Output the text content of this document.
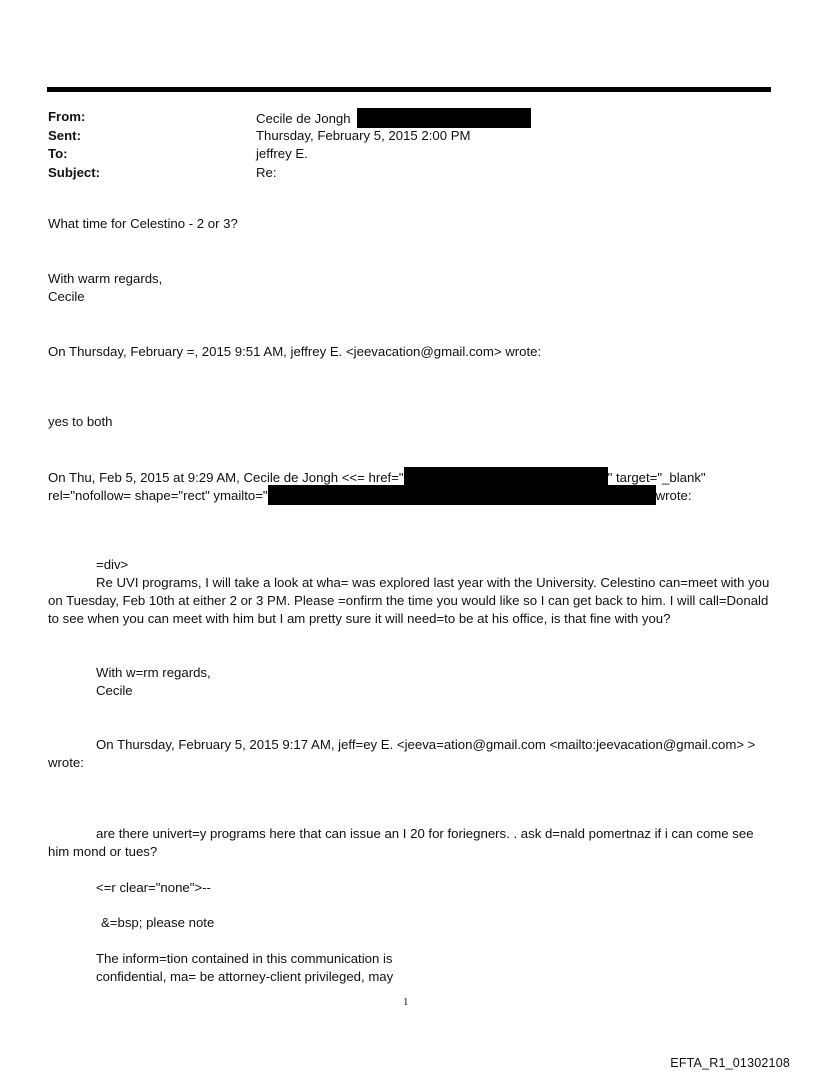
From:	Cecile de Jongh
Sent:	Thursday, February 5, 2015 2:00 PM
To:	jeffrey E.
Subject:	Re:
What time for Celestino - 2 or 3?
With warm regards,
Cecile
On Thursday, February =, 2015 9:51 AM, jeffrey E. <jeevacation@gmail.com> wrote:
yes to both
On Thu, Feb 5, 2015 at 9:29 AM, Cecile de Jongh <<= href="	" target="_blank"
rel="nofollow= shape="rect" ymailto="	wrote:
=div>
Re UVI programs, I will take a look at wha= was explored last year with the University. Celestino can=meet with you on Tuesday, Feb 10th at either 2 or 3 PM. Please =onfirm the time you would like so I can get back to him. I will call=Donald to see when you can meet with him but I am pretty sure it will need=to be at his office, is that fine with you?
With w=rm regards,
Cecile
On Thursday, February 5, 2015 9:17 AM, jeff=ey E. <jeeva=ation@gmail.com <mailto:jeevacation@gmail.com> > wrote:
are there univert=y programs here that can issue an I 20 for foriegners. . ask d=nald pomertnaz if i can come see him mond or tues?
<=r clear="none">--
&=bsp; please note
The inform=tion contained in this communication is
confidential, ma= be attorney-client privileged, may
1
EFTA_R1_01302108
